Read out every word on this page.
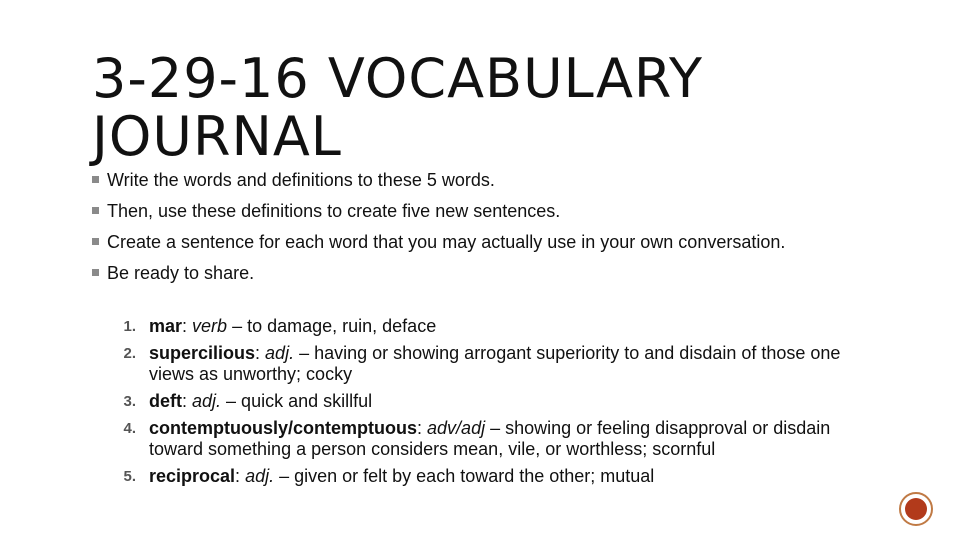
3-29-16 VOCABULARY
JOURNAL
Write the words and definitions to these 5 words.
Then, use these definitions to create five new sentences.
Create a sentence for each word that you may actually use in your own conversation.
Be ready to share.
1. mar: verb – to damage, ruin, deface
2. supercilious: adj. – having or showing arrogant superiority to and disdain of those one views as unworthy; cocky
3. deft: adj. – quick and skillful
4. contemptuously/contemptuous: adv/adj – showing or feeling disapproval or disdain toward something a person considers mean, vile, or worthless; scornful
5. reciprocal: adj. – given or felt by each toward the other; mutual
